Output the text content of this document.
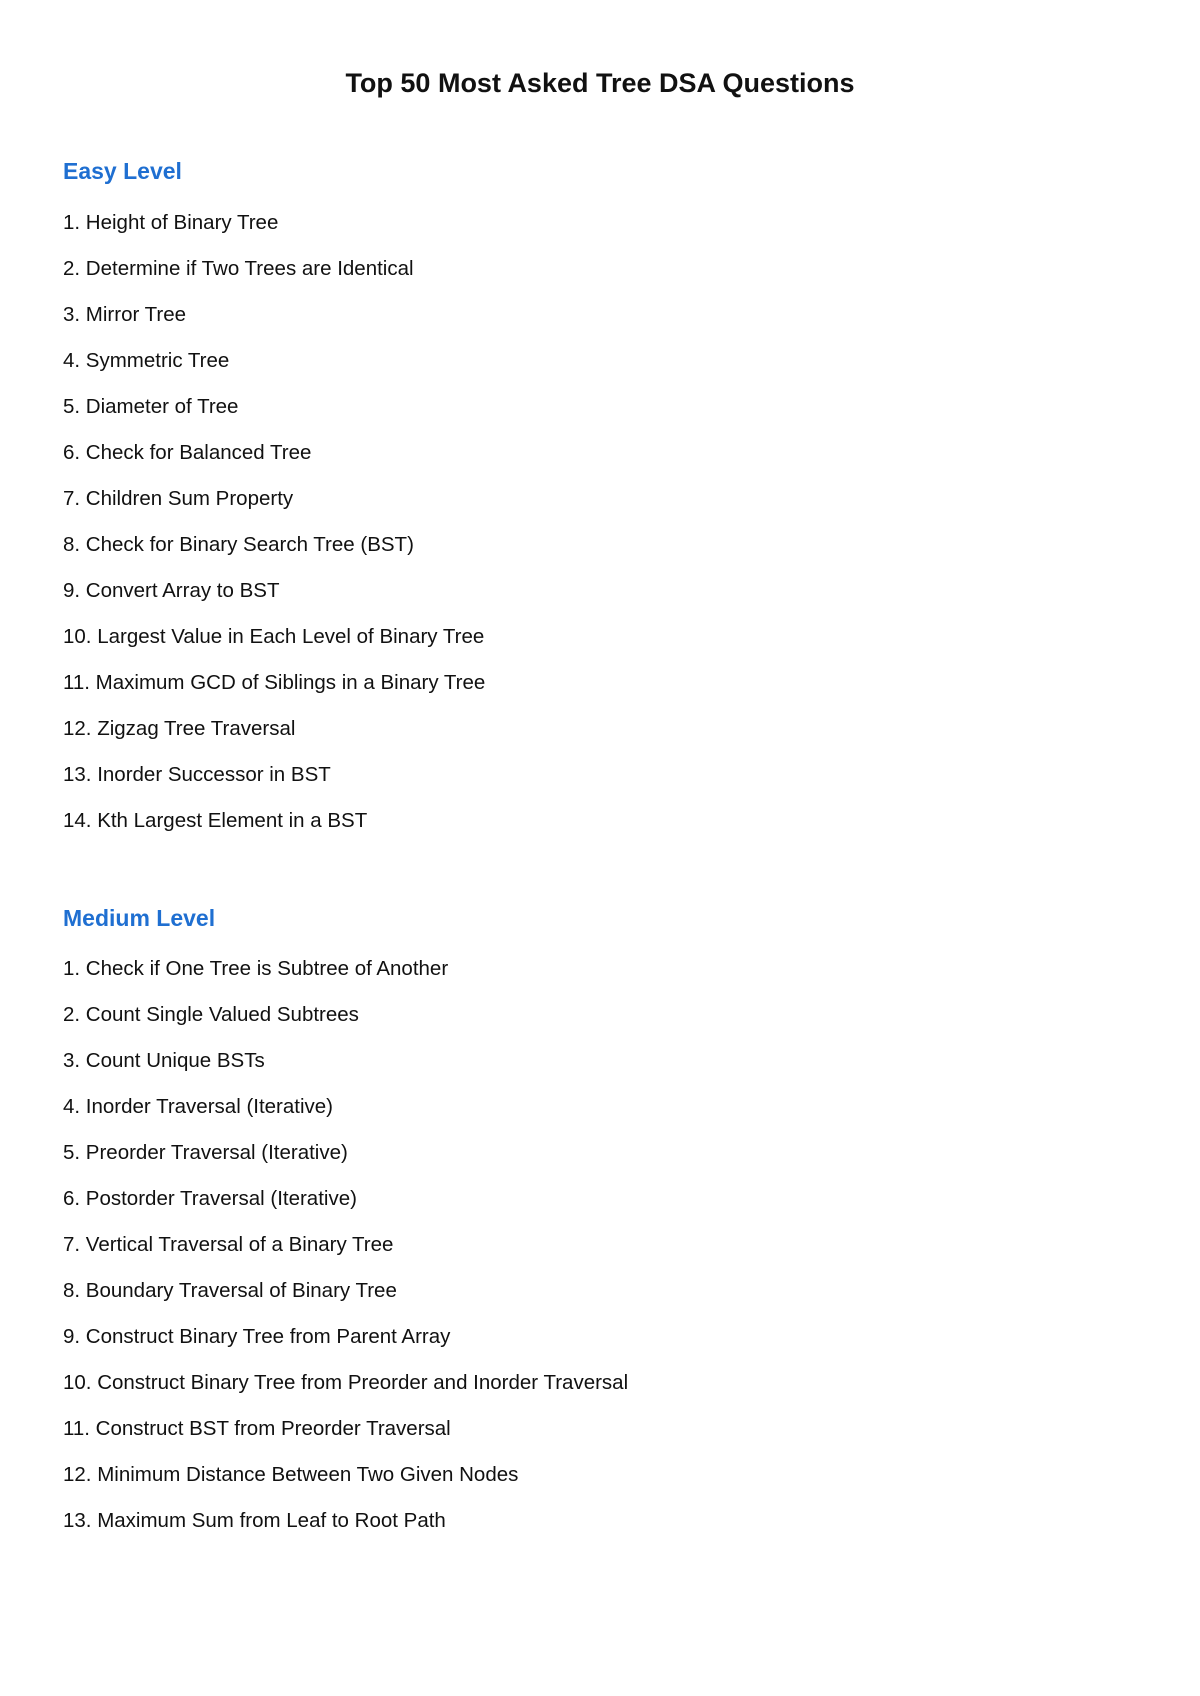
Top 50 Most Asked Tree DSA Questions
Easy Level
1. Height of Binary Tree
2. Determine if Two Trees are Identical
3. Mirror Tree
4. Symmetric Tree
5. Diameter of Tree
6. Check for Balanced Tree
7. Children Sum Property
8. Check for Binary Search Tree (BST)
9. Convert Array to BST
10. Largest Value in Each Level of Binary Tree
11. Maximum GCD of Siblings in a Binary Tree
12. Zigzag Tree Traversal
13. Inorder Successor in BST
14. Kth Largest Element in a BST
Medium Level
1. Check if One Tree is Subtree of Another
2. Count Single Valued Subtrees
3. Count Unique BSTs
4. Inorder Traversal (Iterative)
5. Preorder Traversal (Iterative)
6. Postorder Traversal (Iterative)
7. Vertical Traversal of a Binary Tree
8. Boundary Traversal of Binary Tree
9. Construct Binary Tree from Parent Array
10. Construct Binary Tree from Preorder and Inorder Traversal
11. Construct BST from Preorder Traversal
12. Minimum Distance Between Two Given Nodes
13. Maximum Sum from Leaf to Root Path
